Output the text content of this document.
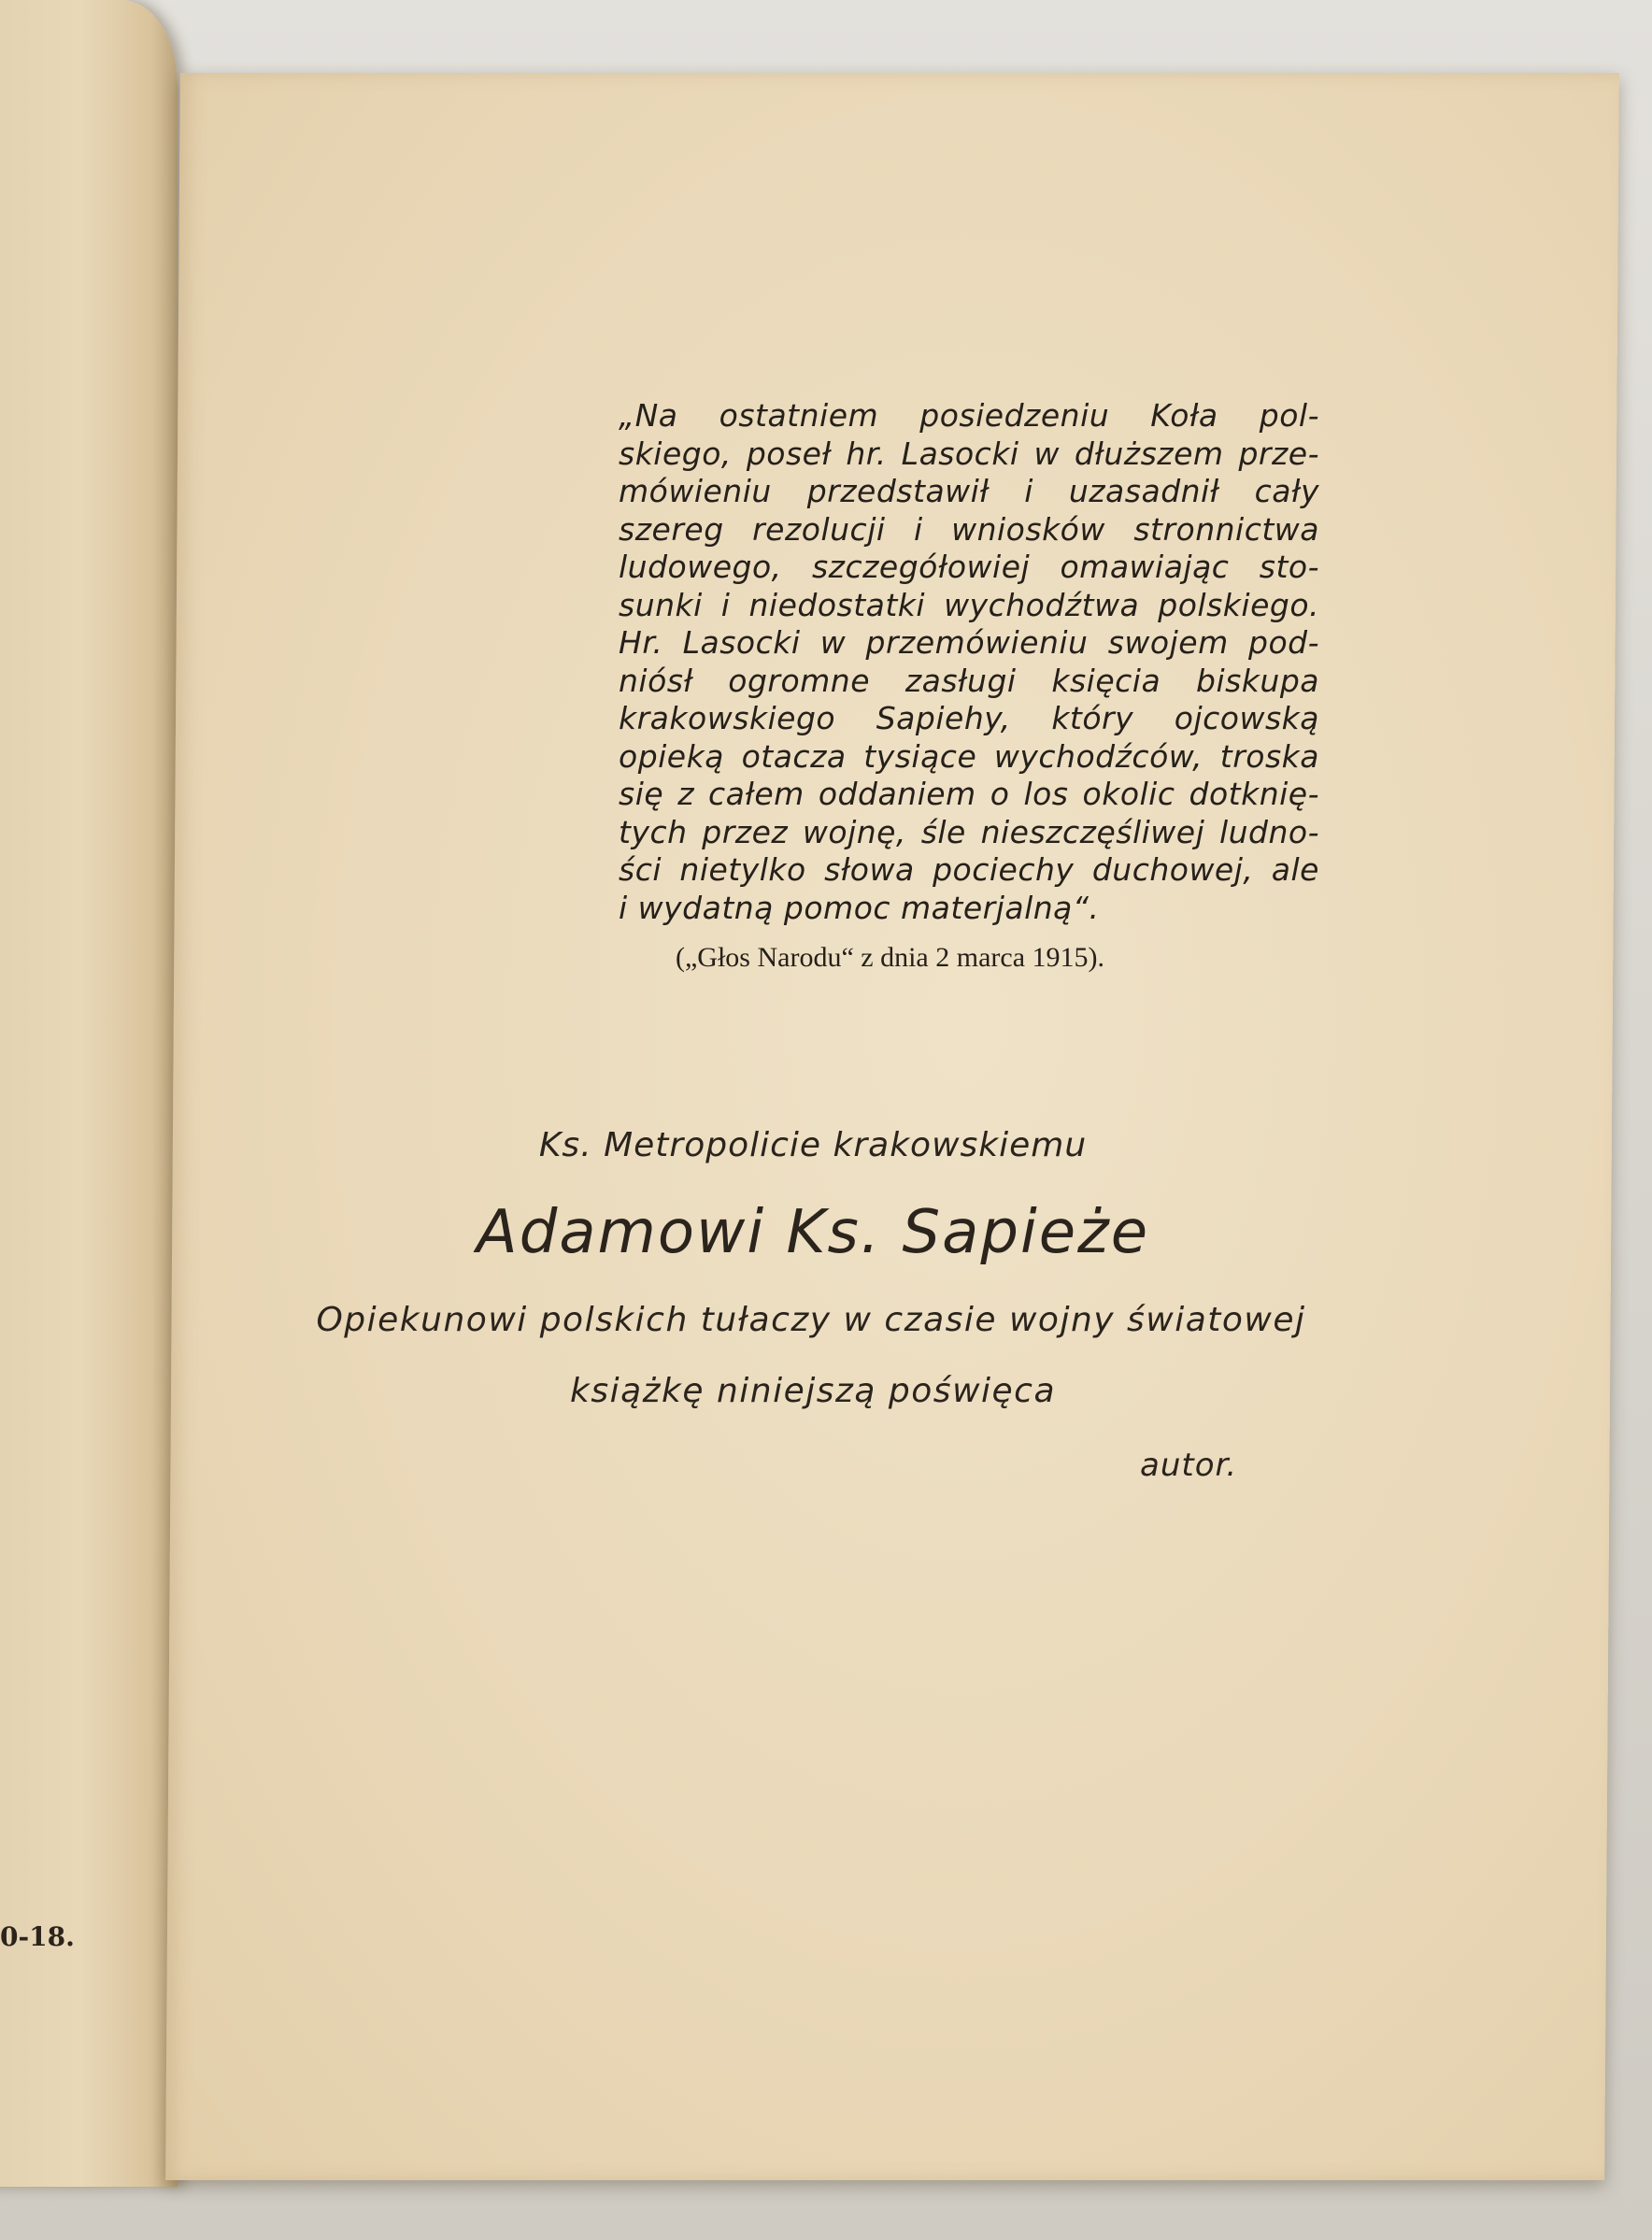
0-18.
„Na ostatniem posiedzeniu Koła pol-
skiego, poseł hr. Lasocki w dłuższem prze-
mówieniu przedstawił i uzasadnił cały
szereg rezolucji i wniosków stronnictwa
ludowego, szczegółowiej omawiając sto-
sunki i niedostatki wychodźtwa polskiego.
Hr. Lasocki w przemówieniu swojem pod-
niósł ogromne zasługi księcia biskupa
krakowskiego Sapiehy, który ojcowską
opieką otacza tysiące wychodźców, troska
się z całem oddaniem o los okolic dotknię-
tych przez wojnę, śle nieszczęśliwej ludno-
ści nietylko słowa pociechy duchowej, ale
i wydatną pomoc materjalną“.
(„Głos Narodu“ z dnia 2 marca 1915).
Ks. Metropolicie krakowskiemu
Adamowi Ks. Sapieże
Opiekunowi polskich tułaczy w czasie wojny światowej
książkę niniejszą poświęca
autor.
